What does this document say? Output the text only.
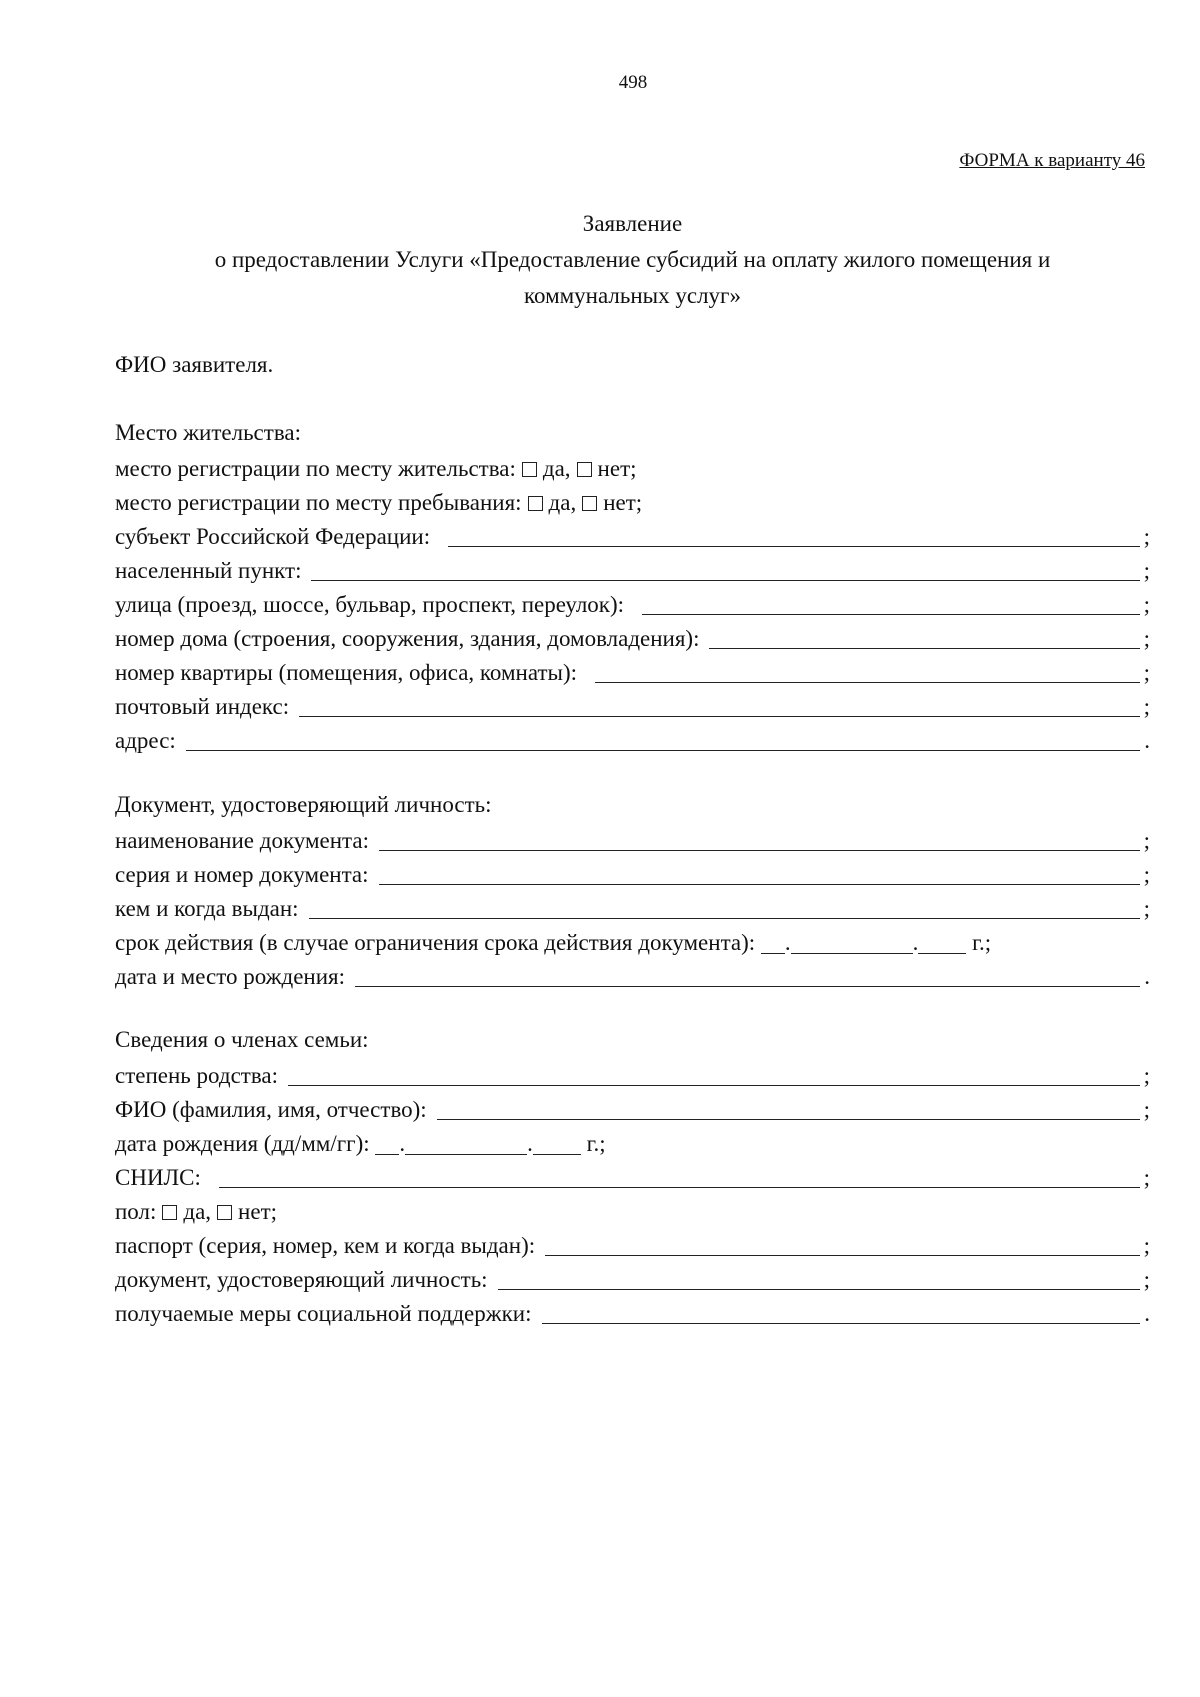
498
ФОРМА к варианту 46
Заявление
о предоставлении Услуги «Предоставление субсидий на оплату жилого помещения и
коммунальных услуг»
ФИО заявителя.
Место жительства:
место регистрации по месту жительства: да, нет;
место регистрации по месту пребывания: да, нет;
субъект Российской Федерации:	;
населенный пункт:	;
улица (проезд, шоссе, бульвар, проспект, переулок):	;
номер дома (строения, сооружения, здания, домовладения):	;
номер квартиры (помещения, офиса, комнаты):	;
почтовый индекс:	;
адрес:	.
Документ, удостоверяющий личность:
наименование документа:	;
серия и номер документа:	;
кем и когда выдан:	;
срок действия (в случае ограничения срока действия документа): .	. г.;
дата и место рождения:	.
Сведения о членах семьи:
степень родства:	;
ФИО (фамилия, имя, отчество):	;
дата рождения (дд/мм/гг): .	. г.;
СНИЛС:	;
пол: да, нет;
паспорт (серия, номер, кем и когда выдан):	;
документ, удостоверяющий личность:	;
получаемые меры социальной поддержки:	.
